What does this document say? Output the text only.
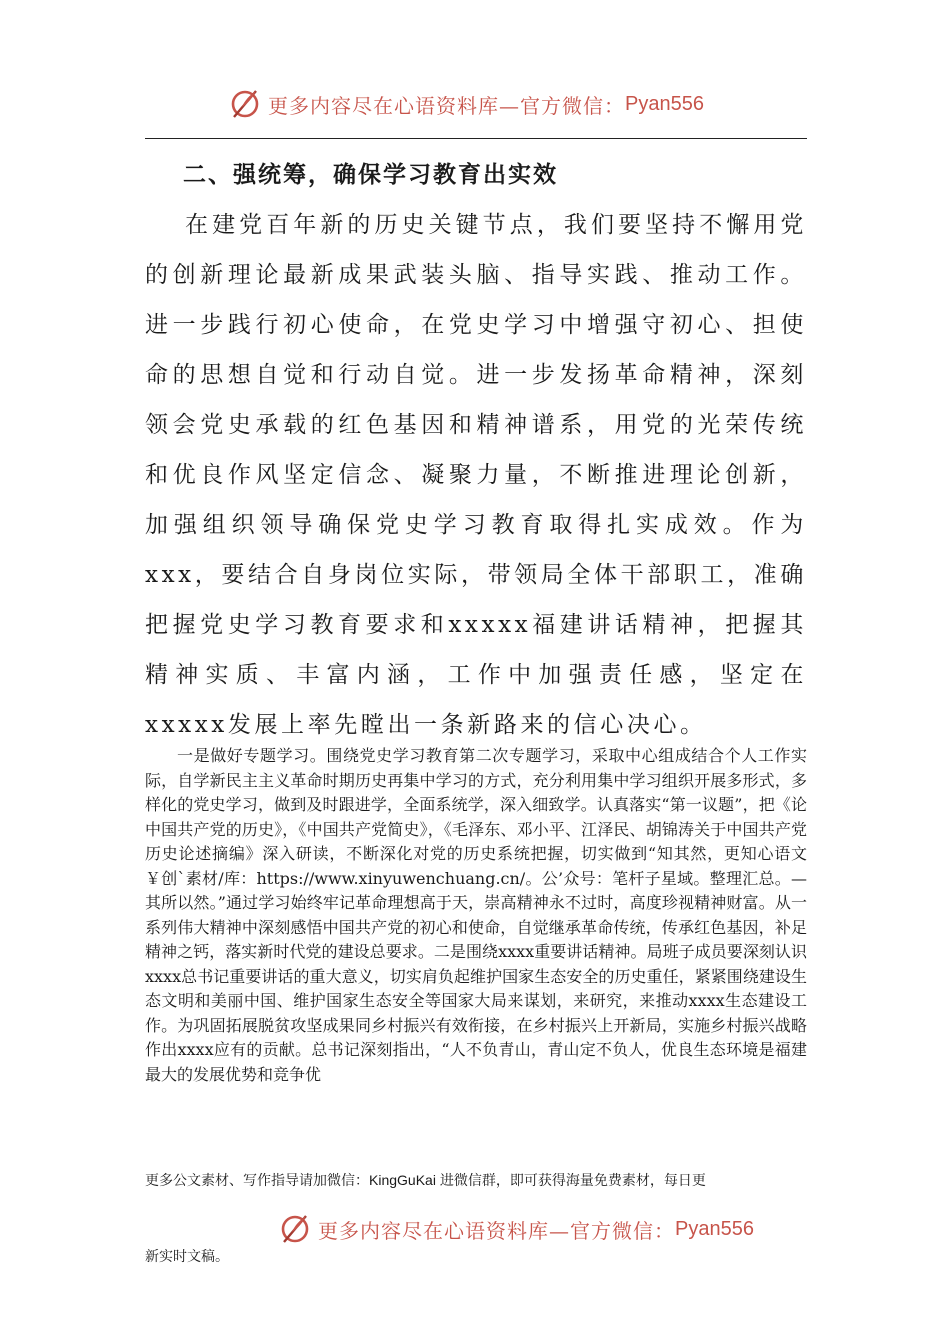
更多内容尽在心语资料库—官方微信： Pyan556
二、强统筹，确保学习教育出实效

在建党百年新的历史关键节点，我们要坚持不懈用党的创新理论最新成果武装头脑、指导实践、推动工作。进一步践行初心使命，在党史学习中增强守初心、担使命的思想自觉和行动自觉。进一步发扬革命精神，深刻领会党史承载的红色基因和精神谱系，用党的光荣传统和优良作风坚定信念、凝聚力量，不断推进理论创新，加强组织领导确保党史学习教育取得扎实成效。作为xxx，要结合自身岗位实际，带领局全体干部职工，准确把握党史学习教育要求和xxxxx福建讲话精神，把握其精神实质、丰富内涵，工作中加强责任感，坚定在xxxxx发展上率先瞠出一条新路来的信心决心。

一是做好专题学习。围绕党史学习教育第二次专题学习，采取中心组成结合个人工作实际，自学新民主主义革命时期历史再集中学习的方式，充分利用集中学习组织开展多形式，多样化的党史学习，做到及时跟进学，全面系统学，深入细致学。认真落实“第一议题”，把《论中国共产党的历史》，《中国共产党简史》，《毛泽东、邓小平、江泽民、胡锦涛关于中国共产党历史论述摘编》深入研读，不断深化对党的历史系统把握，切实做到“知其然，更知心语文￥创`素材/库：https://www.xinyuwenchuang.cn/。公’众号：笔杆子星域。整理汇总。—其所以然。”通过学习始终牢记革命理想高于天，崇高精神永不过时，高度珍视精神财富。从一系列伟大精神中深刻感悟中国共产党的初心和使命，自觉继承革命传统，传承红色基因，补足精神之钙，落实新时代党的建设总要求。二是围绕xxxx重要讲话精神。局班子成员要深刻认识xxxx总书记重要讲话的重大意义，切实肩负起维护国家生态安全的历史重任，紧紧围绕建设生态文明和美丽中国、维护国家生态安全等国家大局来谋划，来研究，来推动xxxx生态建设工作。为巩固拓展脱贫攻坚成果同乡村振兴有效衔接，在乡村振兴上开新局，实施乡村振兴战略作出xxxx应有的贡献。总书记深刻指出，“人不负青山，青山定不负人，优良生态环境是福建最大的发展优势和竞争优

更多公文素材、写作指导请加微信：KingGuKai 进微信群，即可获得海量免费素材，每日更
更多内容尽在心语资料库—官方微信： Pyan556
新实时文稿。
